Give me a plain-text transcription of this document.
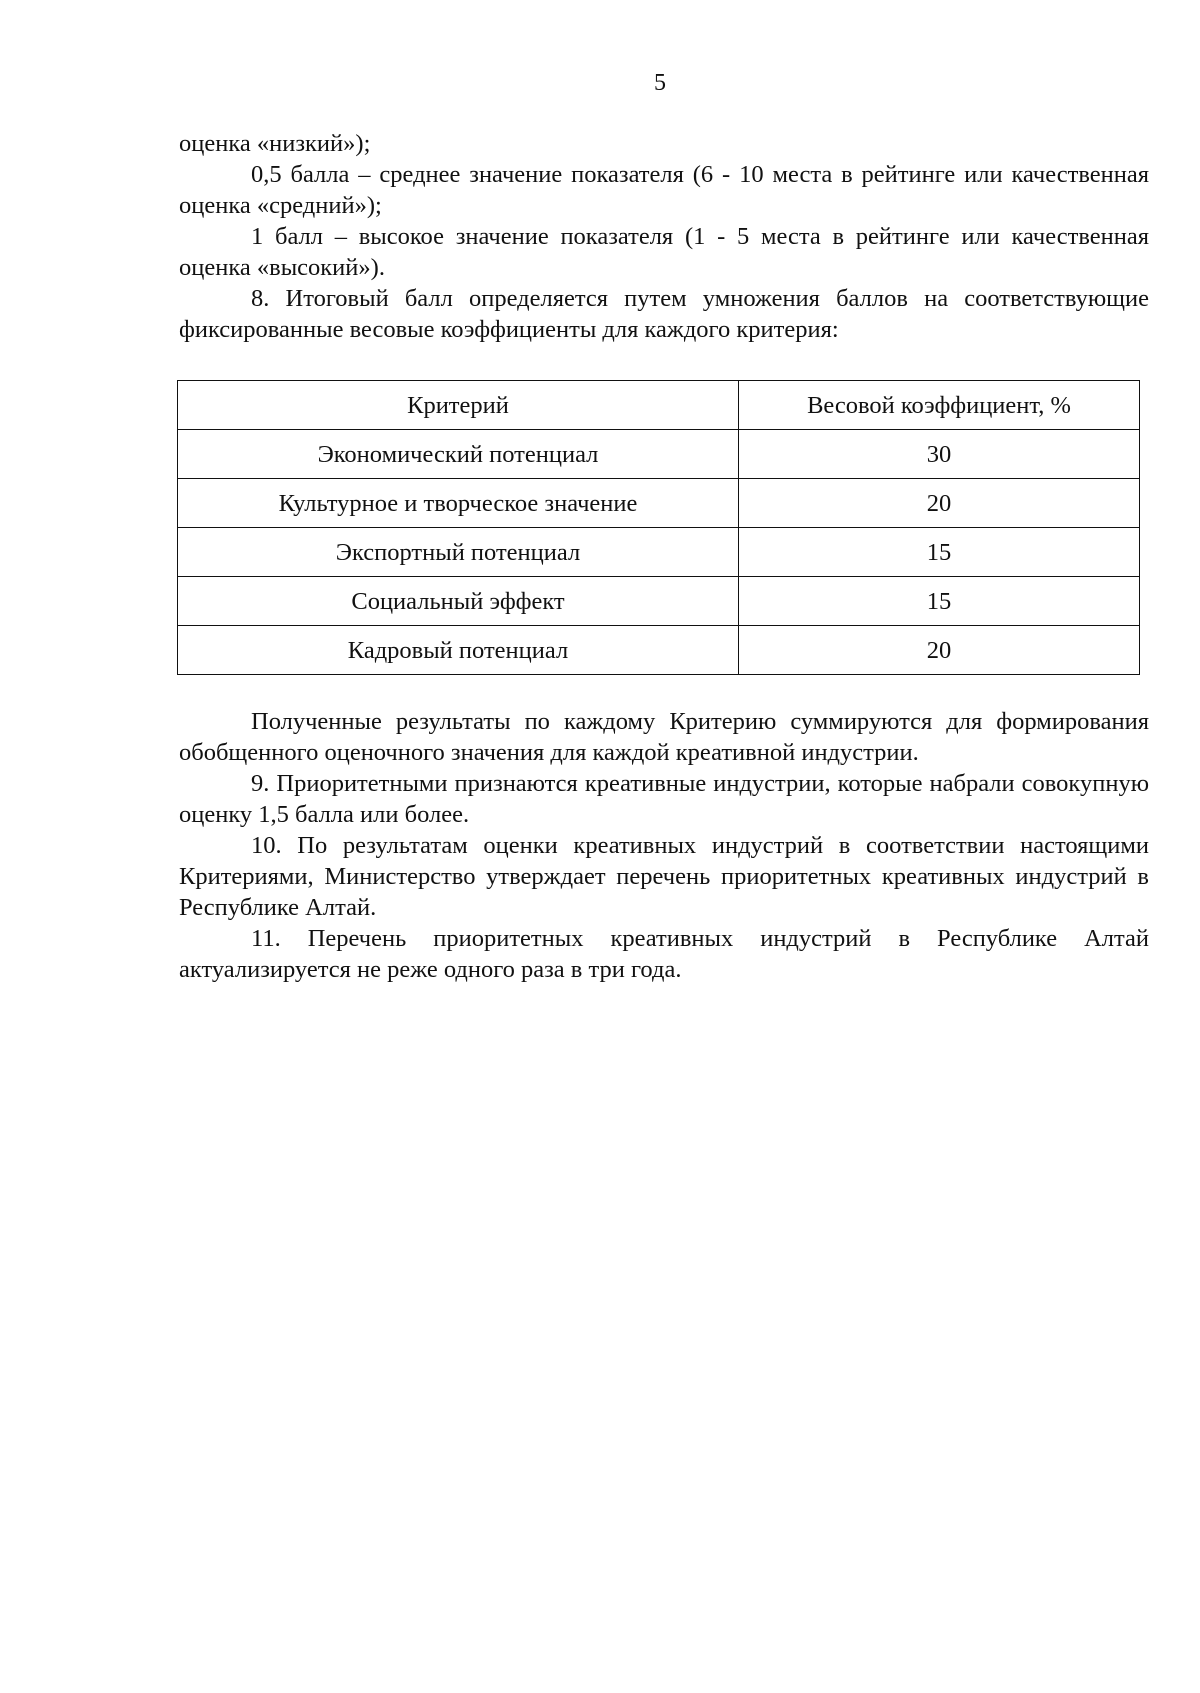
5

оценка «низкий»);

0,5 балла – среднее значение показателя (6 - 10 места в рейтинге или качественная оценка «средний»);

1 балл – высокое значение показателя (1 - 5 места в рейтинге или качественная оценка «высокий»).

8. Итоговый балл определяется путем умножения баллов на соответствующие фиксированные весовые коэффициенты для каждого критерия:

Критерий	Весовой коэффициент, %
Экономический потенциал	30
Культурное и творческое значение	20
Экспортный потенциал	15
Социальный эффект	15
Кадровый потенциал	20

Полученные результаты по каждому Критерию суммируются для формирования обобщенного оценочного значения для каждой креативной индустрии.

9. Приоритетными признаются креативные индустрии, которые набрали совокупную оценку 1,5 балла или более.

10. По результатам оценки креативных индустрий в соответствии настоящими Критериями, Министерство утверждает перечень приоритетных креативных индустрий в Республике Алтай.

11. Перечень приоритетных креативных индустрий в Республике Алтай актуализируется не реже одного раза в три года.
